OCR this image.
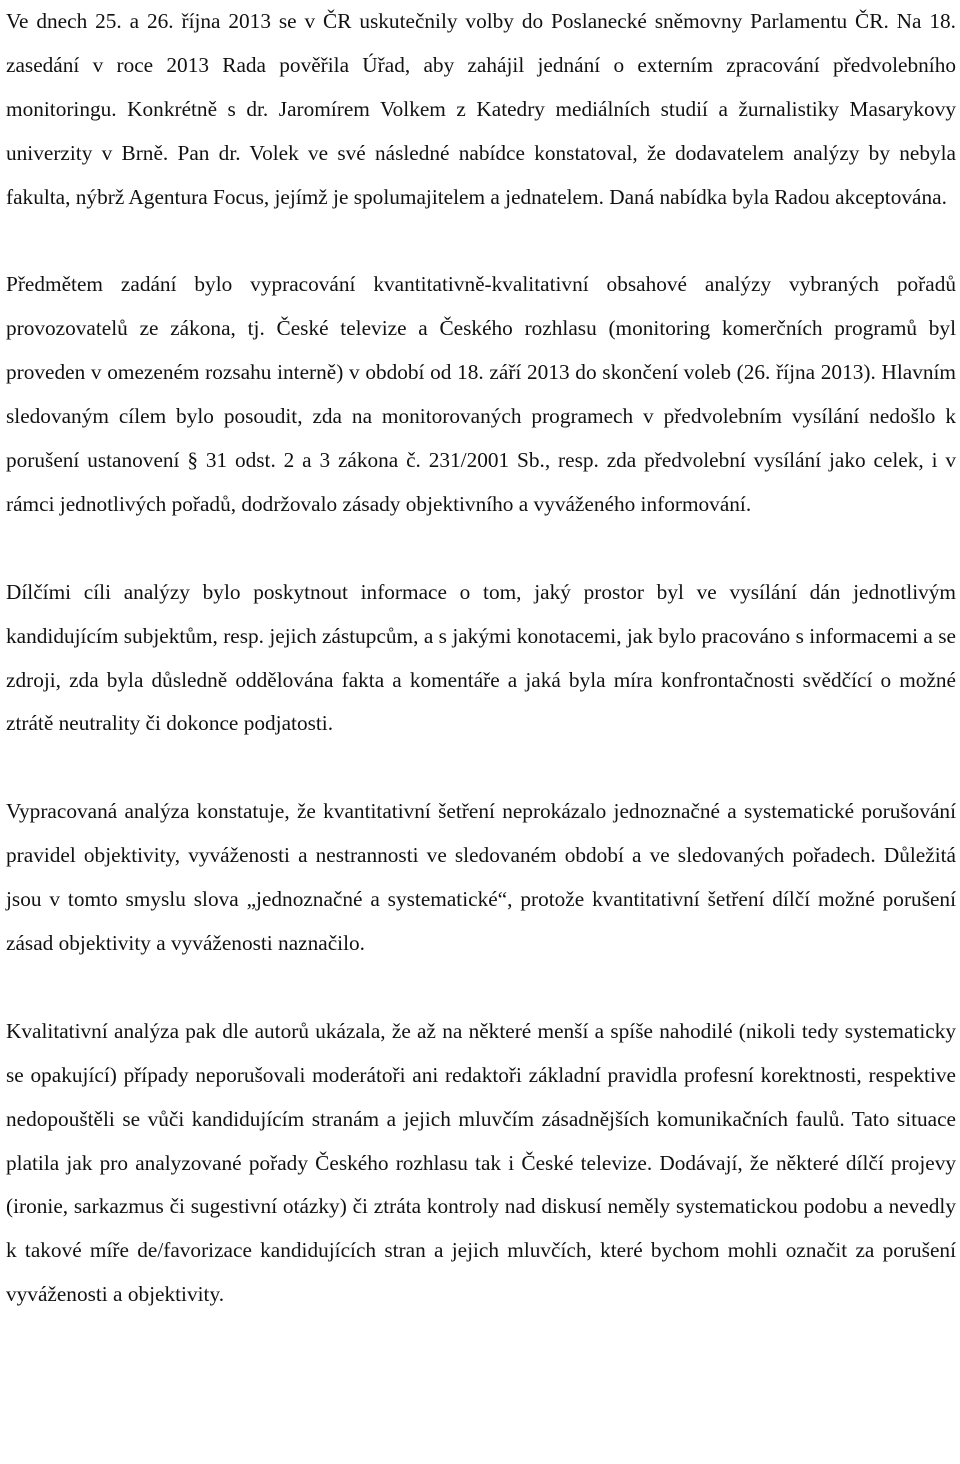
Ve dnech 25. a 26. října 2013 se v ČR uskutečnily volby do Poslanecké sněmovny Parlamentu ČR. Na 18. zasedání v roce 2013 Rada pověřila Úřad, aby zahájil jednání o externím zpracování předvolebního monitoringu. Konkrétně s dr. Jaromírem Volkem z Katedry mediálních studií a žurnalistiky Masarykovy univerzity v Brně. Pan dr. Volek ve své následné nabídce konstatoval, že dodavatelem analýzy by nebyla fakulta, nýbrž Agentura Focus, jejímž je spolumajitelem a jednatelem. Daná nabídka byla Radou akceptována.

Předmětem zadání bylo vypracování kvantitativně-kvalitativní obsahové analýzy vybraných pořadů provozovatelů ze zákona, tj. České televize a Českého rozhlasu (monitoring komerčních programů byl proveden v omezeném rozsahu interně) v období od 18. září 2013 do skončení voleb (26. října 2013). Hlavním sledovaným cílem bylo posoudit, zda na monitorovaných programech v předvolebním vysílání nedošlo k porušení ustanovení § 31 odst. 2 a 3 zákona č. 231/2001 Sb., resp. zda předvolební vysílání jako celek, i v rámci jednotlivých pořadů, dodržovalo zásady objektivního a vyváženého informování.

Dílčími cíli analýzy bylo poskytnout informace o tom, jaký prostor byl ve vysílání dán jednotlivým kandidujícím subjektům, resp. jejich zástupcům, a s jakými konotacemi, jak bylo pracováno s informacemi a se zdroji, zda byla důsledně oddělována fakta a komentáře a jaká byla míra konfrontačnosti svědčící o možné ztrátě neutrality či dokonce podjatosti.

Vypracovaná analýza konstatuje, že kvantitativní šetření neprokázalo jednoznačné a systematické porušování pravidel objektivity, vyváženosti a nestrannosti ve sledovaném období a ve sledovaných pořadech. Důležitá jsou v tomto smyslu slova „jednoznačné a systematické“, protože kvantitativní šetření dílčí možné porušení zásad objektivity a vyváženosti naznačilo.

Kvalitativní analýza pak dle autorů ukázala, že až na některé menší a spíše nahodilé (nikoli tedy systematicky se opakující) případy neporušovali moderátoři ani redaktoři základní pravidla profesní korektnosti, respektive nedopouštěli se vůči kandidujícím stranám a jejich mluvčím zásadnějších komunikačních faulů. Tato situace platila jak pro analyzované pořady Českého rozhlasu tak i České televize. Dodávají, že některé dílčí projevy (ironie, sarkazmus či sugestivní otázky) či ztráta kontroly nad diskusí neměly systematickou podobu a nevedly k takové míře de/favorizace kandidujících stran a jejich mluvčích, které bychom mohli označit za porušení vyváženosti a objektivity.
